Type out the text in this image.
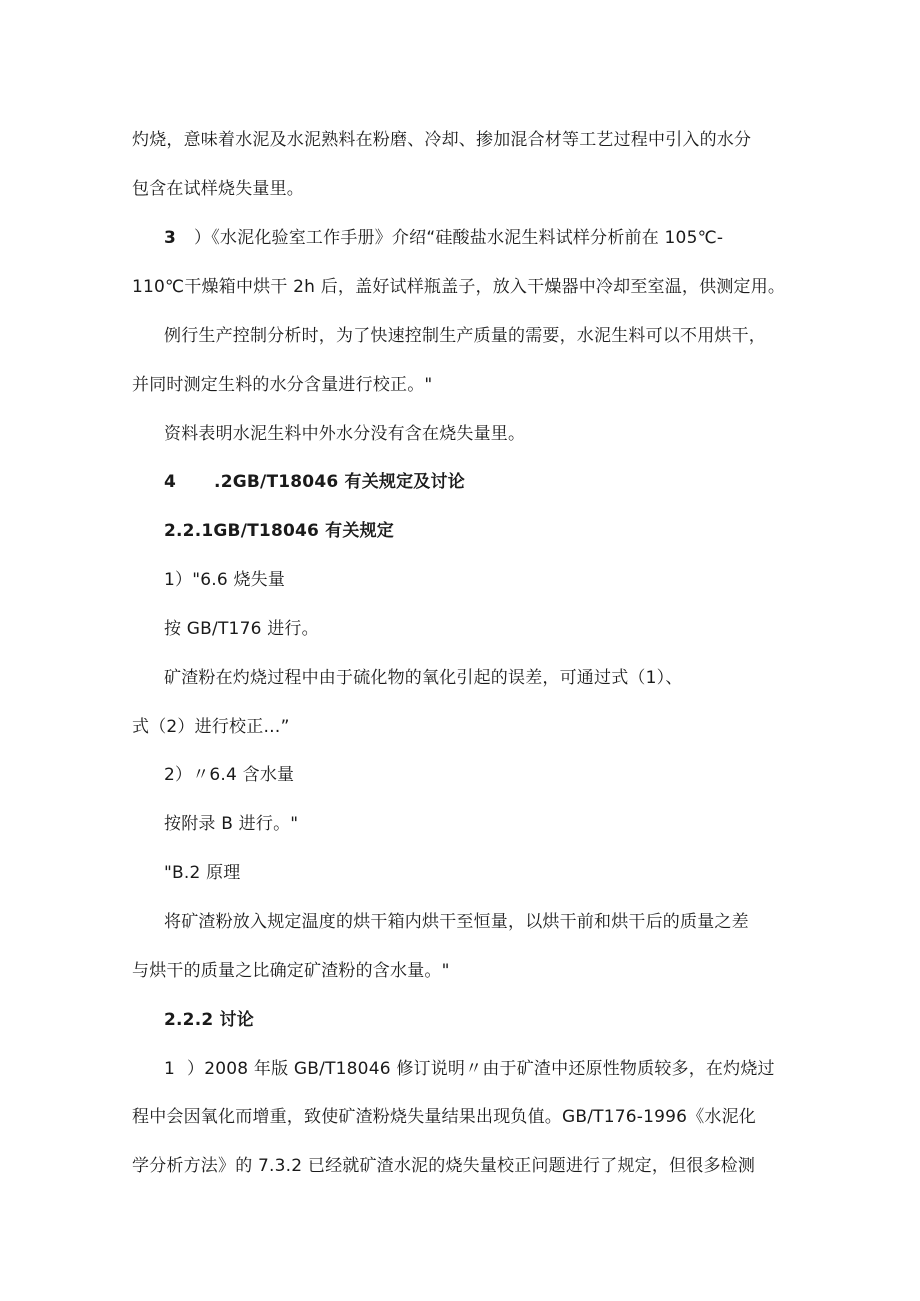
灼烧，意味着水泥及水泥熟料在粉磨、冷却、掺加混合材等工艺过程中引入的水分
包含在试样烧失量里。
3 ）《水泥化验室工作手册》介绍“硅酸盐水泥生料试样分析前在 105℃-
110℃干燥箱中烘干 2h 后，盖好试样瓶盖子，放入干燥器中冷却至室温，供测定用。
例行生产控制分析时，为了快速控制生产质量的需要，水泥生料可以不用烘干，
并同时测定生料的水分含量进行校正。"
资料表明水泥生料中外水分没有含在烧失量里。
4 .2GB/T18046 有关规定及讨论
2.2.1GB/T18046 有关规定
1）"6.6 烧失量
按 GB/T176 进行。
矿渣粉在灼烧过程中由于硫化物的氧化引起的误差，可通过式（1）、
式（2）进行校正…”
2）〃6.4 含水量
按附录 B 进行。"
"B.2 原理
将矿渣粉放入规定温度的烘干箱内烘干至恒量，以烘干前和烘干后的质量之差
与烘干的质量之比确定矿渣粉的含水量。"
2.2.2 讨论
1 ）2008 年版 GB/T18046 修订说明〃由于矿渣中还原性物质较多，在灼烧过
程中会因氧化而增重，致使矿渣粉烧失量结果出现负值。GB/T176-1996《水泥化
学分析方法》的 7.3.2 已经就矿渣水泥的烧失量校正问题进行了规定，但很多检测
